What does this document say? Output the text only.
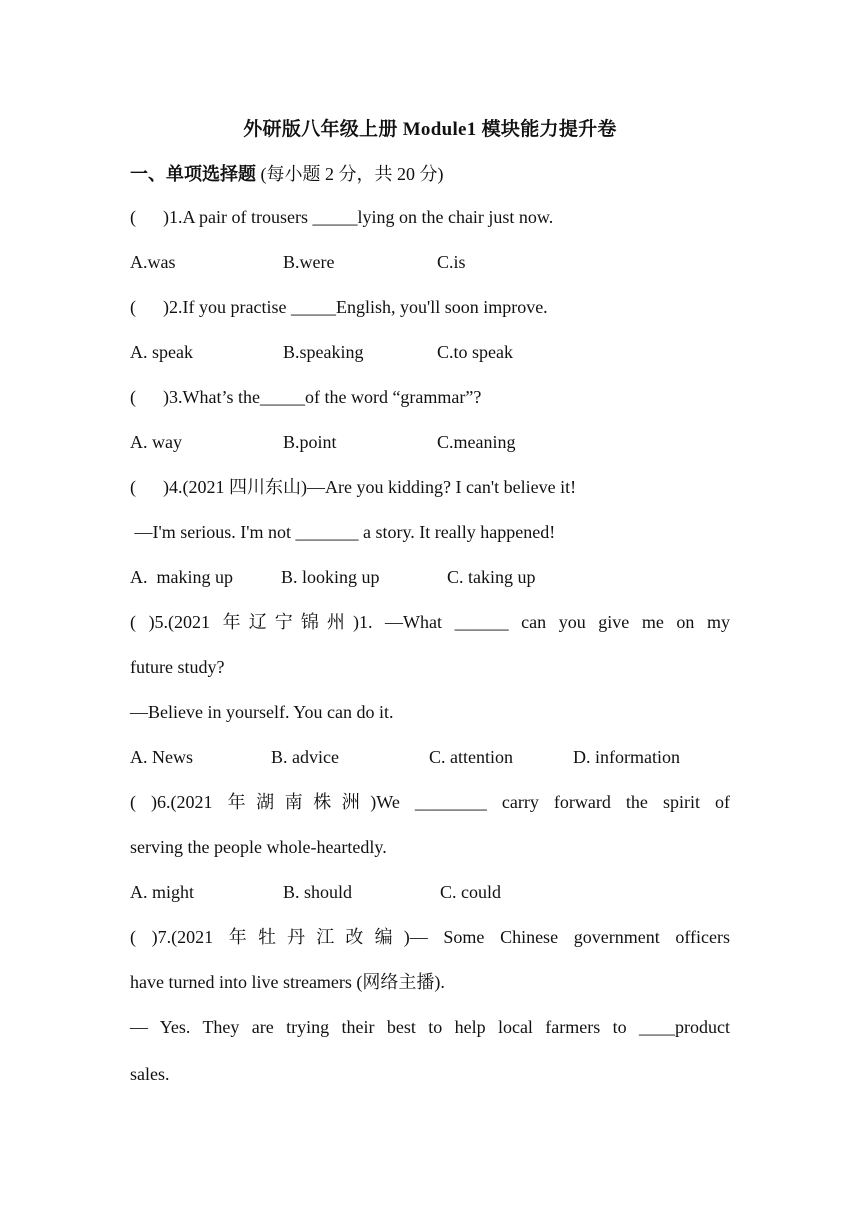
外研版八年级上册 Module1 模块能力提升卷
一、单项选择题 (每小题 2 分，共 20 分)
(      )1.A pair of trousers _____lying on the chair just now.
A.was	B.were	C.is
(      )2.If you practise _____English, you'll soon improve.
A. speak	B.speaking	C.to speak
(      )3.What’s the_____of the word “grammar”?
A. way	B.point	C.meaning
(      )4.(2021 四川东山)—Are you kidding? I can't believe it!
—I'm serious. I'm not _______ a story. It really happened!
A.  making up	B. looking up	C. taking up
( )5.(2021 年辽宁锦州)1. —What ______ can you give me on my
future study?
—Believe in yourself. You can do it.
A. News	B. advice	C. attention	D. information
( )6.(2021 年湖南株洲)We ________ carry forward the spirit of
serving the people whole-heartedly.
A. might	B. should	C. could
( )7.(2021 年牡丹江改编)— Some Chinese government officers
have turned into live streamers (网络主播).
— Yes. They are trying their best to help local farmers to ____product
sales.
